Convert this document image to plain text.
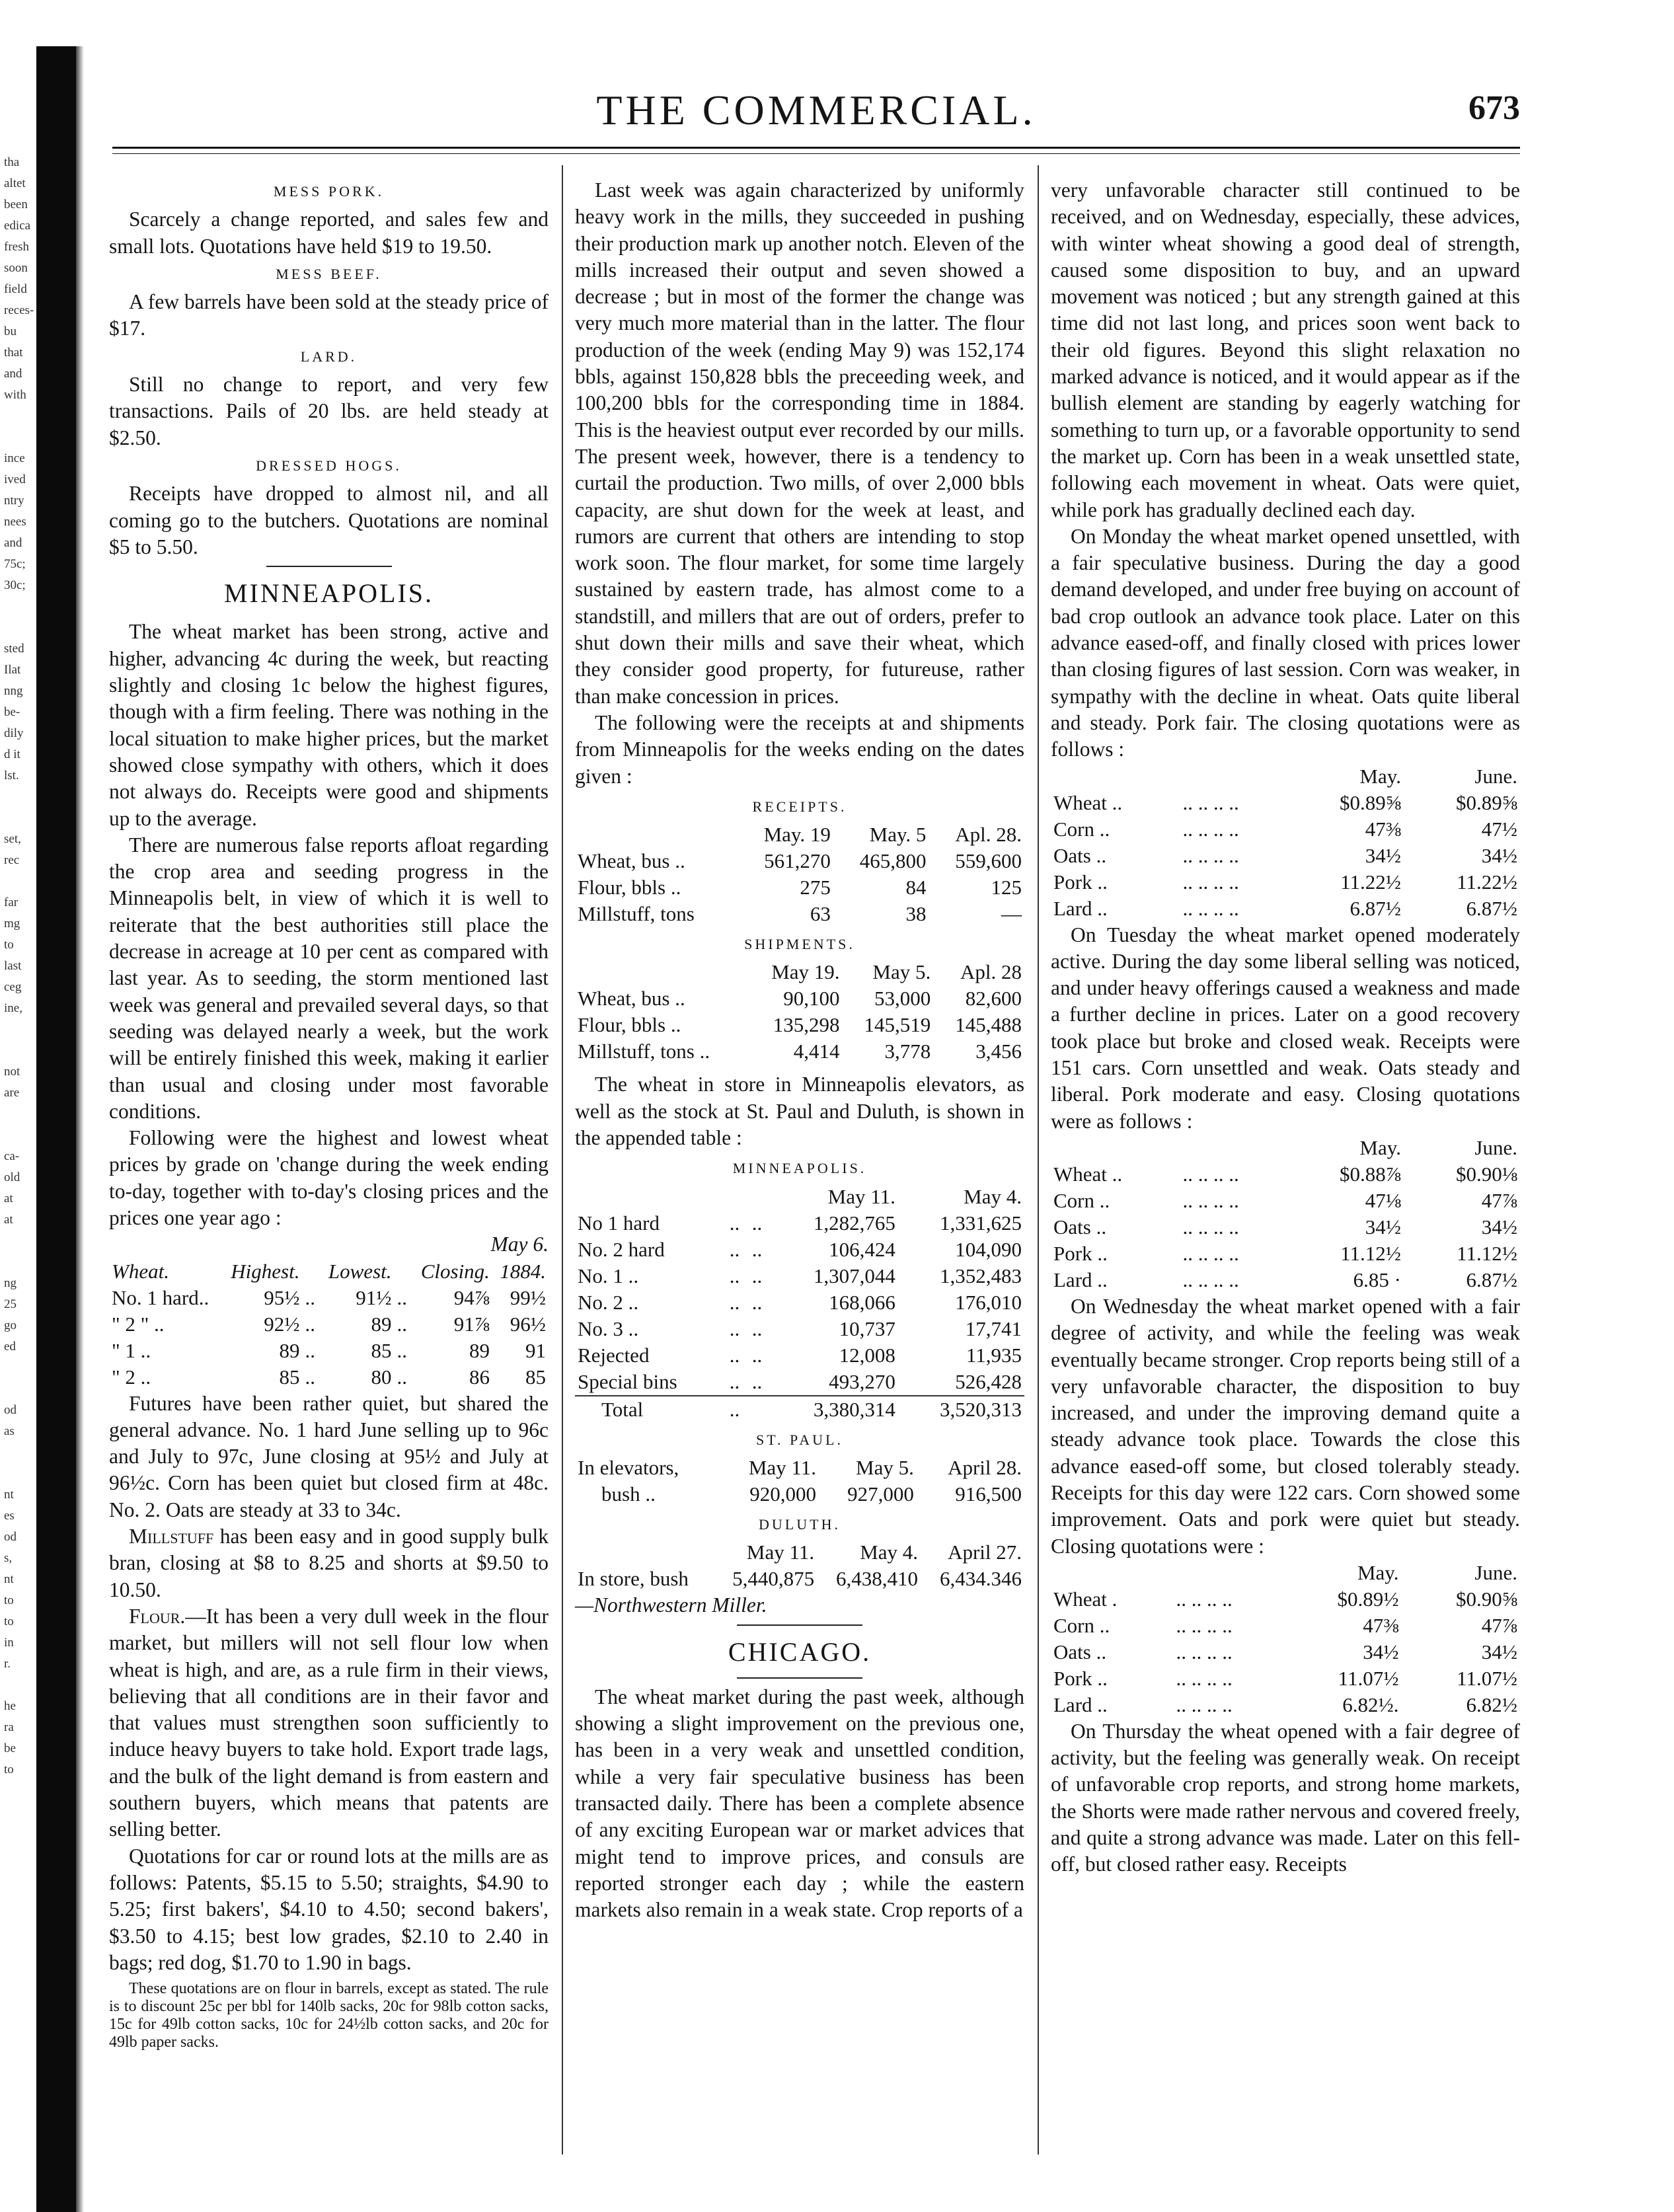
tha
altet
been
edica
fresh
soon
field
reces-
bu
that
and
with

ince
ived
ntry
nees
and
75c;
30c;

sted
Ilat
nng
be-
dily
d it
lst.

set,
rec

far
mg
to
last
ceg
ine,

not
are

ca-
old
at
at

ng
25
go
ed

od
as

nt
es
od
s,
nt
to
to
in
r.

he
ra
be
to
THE COMMERCIAL.	673
MESS PORK.

Scarcely a change reported, and sales few and small lots. Quotations have held $19 to 19.50.

MESS BEEF.

A few barrels have been sold at the steady price of $17.

LARD.

Still no change to report, and very few transactions. Pails of 20 lbs. are held steady at $2.50.

DRESSED HOGS.

Receipts have dropped to almost nil, and all coming go to the butchers. Quotations are nominal $5 to 5.50.

MINNEAPOLIS.

The wheat market has been strong, active and higher, advancing 4c during the week, but reacting slightly and closing 1c below the highest figures, though with a firm feeling. There was nothing in the local situation to make higher prices, but the market showed close sympathy with others, which it does not always do. Receipts were good and shipments up to the average.

There are numerous false reports afloat regarding the crop area and seeding progress in the Minneapolis belt, in view of which it is well to reiterate that the best authorities still place the decrease in acreage at 10 per cent as compared with last year. As to seeding, the storm mentioned last week was general and prevailed several days, so that seeding was delayed nearly a week, but the work will be entirely finished this week, making it earlier than usual and closing under most favorable conditions.

Following were the highest and lowest wheat prices by grade on 'change during the week ending to-day, together with to-day's closing prices and the prices one year ago :

May 6.
Wheat.	Highest.		Lowest.		Closing.	1884.
No. 1 hard..	95½	..	91½	..	94⅞	99½
" 2 " ..	92½	..	89	..	91⅞	96½
" 1 ..	89	..	85	..	89	91
" 2 ..	85	..	80	..	86	85

Futures have been rather quiet, but shared the general advance. No. 1 hard June selling up to 96c and July to 97c, June closing at 95½ and July at 96½c. Corn has been quiet but closed firm at 48c. No. 2. Oats are steady at 33 to 34c.

Millstuff has been easy and in good supply bulk bran, closing at $8 to 8.25 and shorts at $9.50 to 10.50.

Flour.—It has been a very dull week in the flour market, but millers will not sell flour low when wheat is high, and are, as a rule firm in their views, believing that all conditions are in their favor and that values must strengthen soon sufficiently to induce heavy buyers to take hold. Export trade lags, and the bulk of the light demand is from eastern and southern buyers, which means that patents are selling better.

Quotations for car or round lots at the mills are as follows: Patents, $5.15 to 5.50; straights, $4.90 to 5.25; first bakers', $4.10 to 4.50; second bakers', $3.50 to 4.15; best low grades, $2.10 to 2.40 in bags; red dog, $1.70 to 1.90 in bags.

These quotations are on flour in barrels, except as stated. The rule is to discount 25c per bbl for 140lb sacks, 20c for 98lb cotton sacks, 15c for 49lb cotton sacks, 10c for 24½lb cotton sacks, and 20c for 49lb paper sacks.

Last week was again characterized by uniformly heavy work in the mills, they succeeded in pushing their production mark up another notch. Eleven of the mills increased their output and seven showed a decrease ; but in most of the former the change was very much more material than in the latter. The flour production of the week (ending May 9) was 152,174 bbls, against 150,828 bbls the preceeding week, and 100,200 bbls for the corresponding time in 1884. This is the heaviest output ever recorded by our mills. The present week, however, there is a tendency to curtail the production. Two mills, of over 2,000 bbls capacity, are shut down for the week at least, and rumors are current that others are intending to stop work soon. The flour market, for some time largely sustained by eastern trade, has almost come to a standstill, and millers that are out of orders, prefer to shut down their mills and save their wheat, which they consider good property, for futureuse, rather than make concession in prices.

The following were the receipts at and shipments from Minneapolis for the weeks ending on the dates given :

RECEIPTS.
	May. 19	May. 5	Apl. 28.
Wheat, bus ..	561,270	465,800	559,600
Flour, bbls ..	275	84	125
Millstuff, tons	63	38	—
SHIPMENTS.
	May 19.	May 5.	Apl. 28
Wheat, bus ..	90,100	53,000	82,600
Flour, bbls ..	135,298	145,519	145,488
Millstuff, tons ..	4,414	3,778	3,456

The wheat in store in Minneapolis elevators, as well as the stock at St. Paul and Duluth, is shown in the appended table :

MINNEAPOLIS.
			May 11.	May 4.
No 1 hard	..	..	1,282,765	1,331,625
No. 2 hard	..	..	106,424	104,090
No. 1 ..	..	..	1,307,044	1,352,483
No. 2 ..	..	..	168,066	176,010
No. 3 ..	..	..	10,737	17,741
Rejected	..	..	12,008	11,935
Special bins	..	..	493,270	526,428
Total	..		3,380,314	3,520,313
ST. PAUL.
In elevators,	May 11.	May 5.	April 28.
bush ..	920,000	927,000	916,500
DULUTH.
	May 11.	May 4.	April 27.
In store, bush	5,440,875	6,438,410	6,434.346
—Northwestern Miller.
CHICAGO.

The wheat market during the past week, although showing a slight improvement on the previous one, has been in a very weak and unsettled condition, while a very fair speculative business has been transacted daily. There has been a complete absence of any exciting European war or market advices that might tend to improve prices, and consuls are reported stronger each day ; while the eastern markets also remain in a weak state. Crop reports of a

very unfavorable character still continued to be received, and on Wednesday, especially, these advices, with winter wheat showing a good deal of strength, caused some disposition to buy, and an upward movement was noticed ; but any strength gained at this time did not last long, and prices soon went back to their old figures. Beyond this slight relaxation no marked advance is noticed, and it would appear as if the bullish element are standing by eagerly watching for something to turn up, or a favorable opportunity to send the market up. Corn has been in a weak unsettled state, following each movement in wheat. Oats were quiet, while pork has gradually declined each day.

On Monday the wheat market opened unsettled, with a fair speculative business. During the day a good demand developed, and under free buying on account of bad crop outlook an advance took place. Later on this advance eased-off, and finally closed with prices lower than closing figures of last session. Corn was weaker, in sympathy with the decline in wheat. Oats quite liberal and steady. Pork fair. The closing quotations were as follows :

		May.	June.
Wheat ..	.. .. .. ..	$0.89⅝	$0.89⅝
Corn ..	.. .. .. ..	47⅜	47½
Oats ..	.. .. .. ..	34½	34½
Pork ..	.. .. .. ..	11.22½	11.22½
Lard ..	.. .. .. ..	6.87½	6.87½

On Tuesday the wheat market opened moderately active. During the day some liberal selling was noticed, and under heavy offerings caused a weakness and made a further decline in prices. Later on a good recovery took place but broke and closed weak. Receipts were 151 cars. Corn unsettled and weak. Oats steady and liberal. Pork moderate and easy. Closing quotations were as follows :

		May.	June.
Wheat ..	.. .. .. ..	$0.88⅞	$0.90⅛
Corn ..	.. .. .. ..	47⅛	47⅞
Oats ..	.. .. .. ..	34½	34½
Pork ..	.. .. .. ..	11.12½	11.12½
Lard ..	.. .. .. ..	6.85 ·	6.87½

On Wednesday the wheat market opened with a fair degree of activity, and while the feeling was weak eventually became stronger. Crop reports being still of a very unfavorable character, the disposition to buy increased, and under the improving demand quite a steady advance took place. Towards the close this advance eased-off some, but closed tolerably steady. Receipts for this day were 122 cars. Corn showed some improvement. Oats and pork were quiet but steady. Closing quotations were :

		May.	June.
Wheat .	.. .. .. ..	$0.89½	$0.90⅝
Corn ..	.. .. .. ..	47⅜	47⅞
Oats ..	.. .. .. ..	34½	34½
Pork ..	.. .. .. ..	11.07½	11.07½
Lard ..	.. .. .. ..	6.82½.	6.82½

On Thursday the wheat opened with a fair degree of activity, but the feeling was generally weak. On receipt of unfavorable crop reports, and strong home markets, the Shorts were made rather nervous and covered freely, and quite a strong advance was made. Later on this fell-off, but closed rather easy. Receipts
